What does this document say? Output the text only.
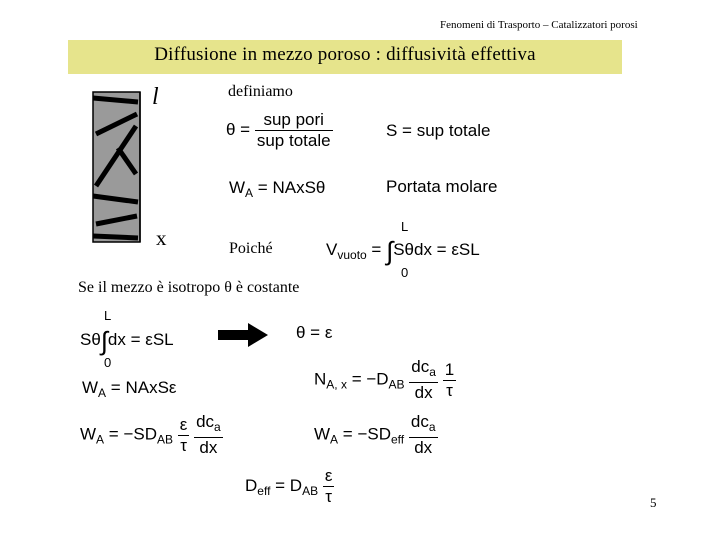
Fenomeni di Trasporto – Catalizzatori porosi
Diffusione in mezzo poroso : diffusività effettiva
l
x
definiamo
$\theta = \frac{\text{sup pori}}{\text{sup totale}}$	S = sup totale
$W_A$ = NAxSθ	Portata molare
Poiché	$V_{vuoto} = \int S\theta dx = \varepsilon SL$
L
0
Se il mezzo è isotropo θ è costante
Sθ∫dx = εSL
L
0
θ = ε
$W_A$ = NAxSε	$N_{A, x} = -D_{AB} \frac{dc_a}{dx}$
$\frac{1}{\tau}$
$W_A = -SD_{AB} \frac{\varepsilon}{\tau}$
$\frac{dc_a}{dx}$	$W_A = -SD_{eff} \frac{dc_a}{dx}$
$D_{eff} = D_{AB} \frac{\varepsilon}{\tau}$	5
